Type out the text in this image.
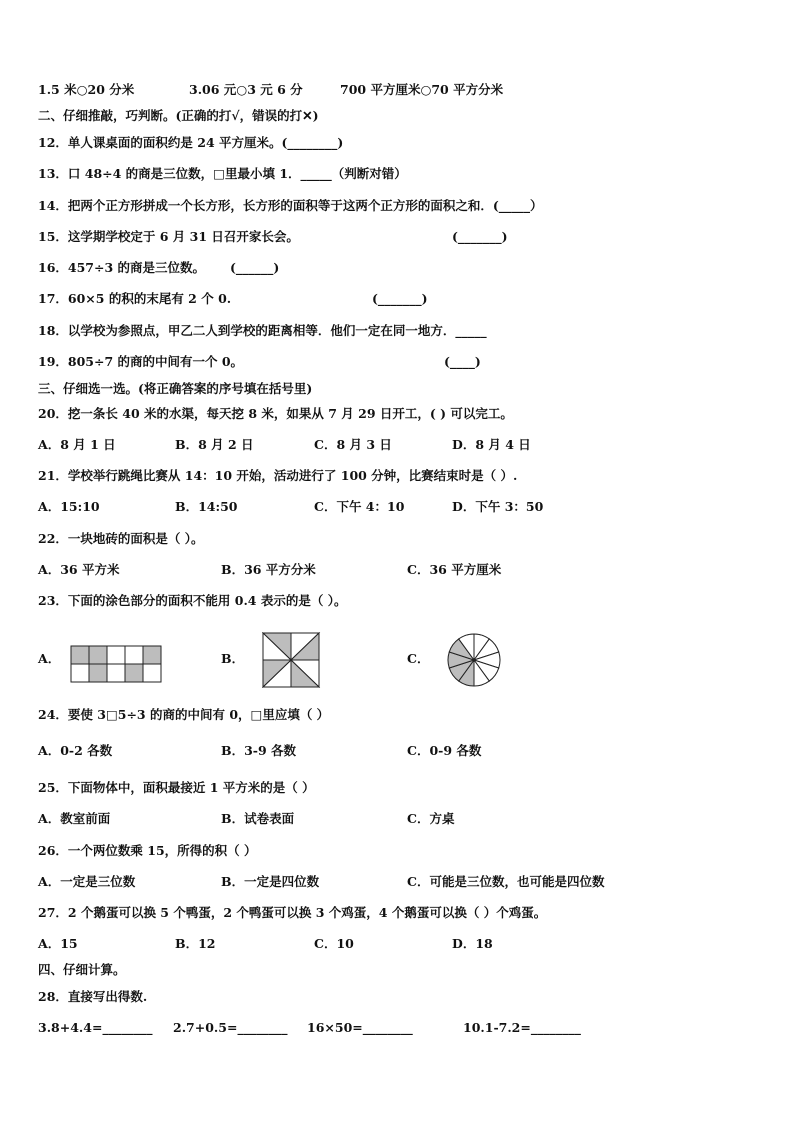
1.5 米○20 分米	3.06 元○3 元 6 分	700 平方厘米○70 平方分米
二、仔细推敲，巧判断。(正确的打√，错误的打✕)
12．单人课桌面的面积约是 24 平方厘米。(________)
13．口 48÷4 的商是三位数，□里最小填 1．_____（判断对错）
14．把两个正方形拼成一个长方形，长方形的面积等于这两个正方形的面积之和．(_____）
15．这学期学校定于 6 月 31 日召开家长会。	(_______)
16．457÷3 的商是三位数。 (______)
17．60×5 的积的末尾有 2 个 0.	(_______)
18．以学校为参照点，甲乙二人到学校的距离相等．他们一定在同一地方．_____
19．805÷7 的商的中间有一个 0。	(____)
三、仔细选一选。(将正确答案的序号填在括号里)
20．挖一条长 40 米的水渠，每天挖 8 米，如果从 7 月 29 日开工，( ) 可以完工。
A．8 月 1 日	B．8 月 2 日	C．8 月 3 日	D．8 月 4 日
21．学校举行跳绳比赛从 14：10 开始，活动进行了 100 分钟，比赛结束时是（ ）.
A．15:10	B．14:50	C．下午 4：10	D．下午 3：50
22．一块地砖的面积是（ ）。
A．36 平方米	B．36 平方分米	C．36 平方厘米
23．下面的涂色部分的面积不能用 0.4 表示的是（ ）。
A．	B．	C．
24．要使 3□5÷3 的商的中间有 0，□里应填（ ）
A．0-2 各数	B．3-9 各数	C．0-9 各数
25．下面物体中，面积最接近 1 平方米的是（ ）
A．教室前面	B．试卷表面	C．方桌
26．一个两位数乘 15，所得的积（ ）
A．一定是三位数	B．一定是四位数	C．可能是三位数，也可能是四位数
27．2 个鹅蛋可以换 5 个鸭蛋，2 个鸭蛋可以换 3 个鸡蛋，4 个鹅蛋可以换（ ）个鸡蛋。
A．15	B．12	C．10	D．18
四、仔细计算。
28．直接写出得数.
3.8+4.4=________ 2.7+0.5=________ 16×50=________	10.1-7.2=________
